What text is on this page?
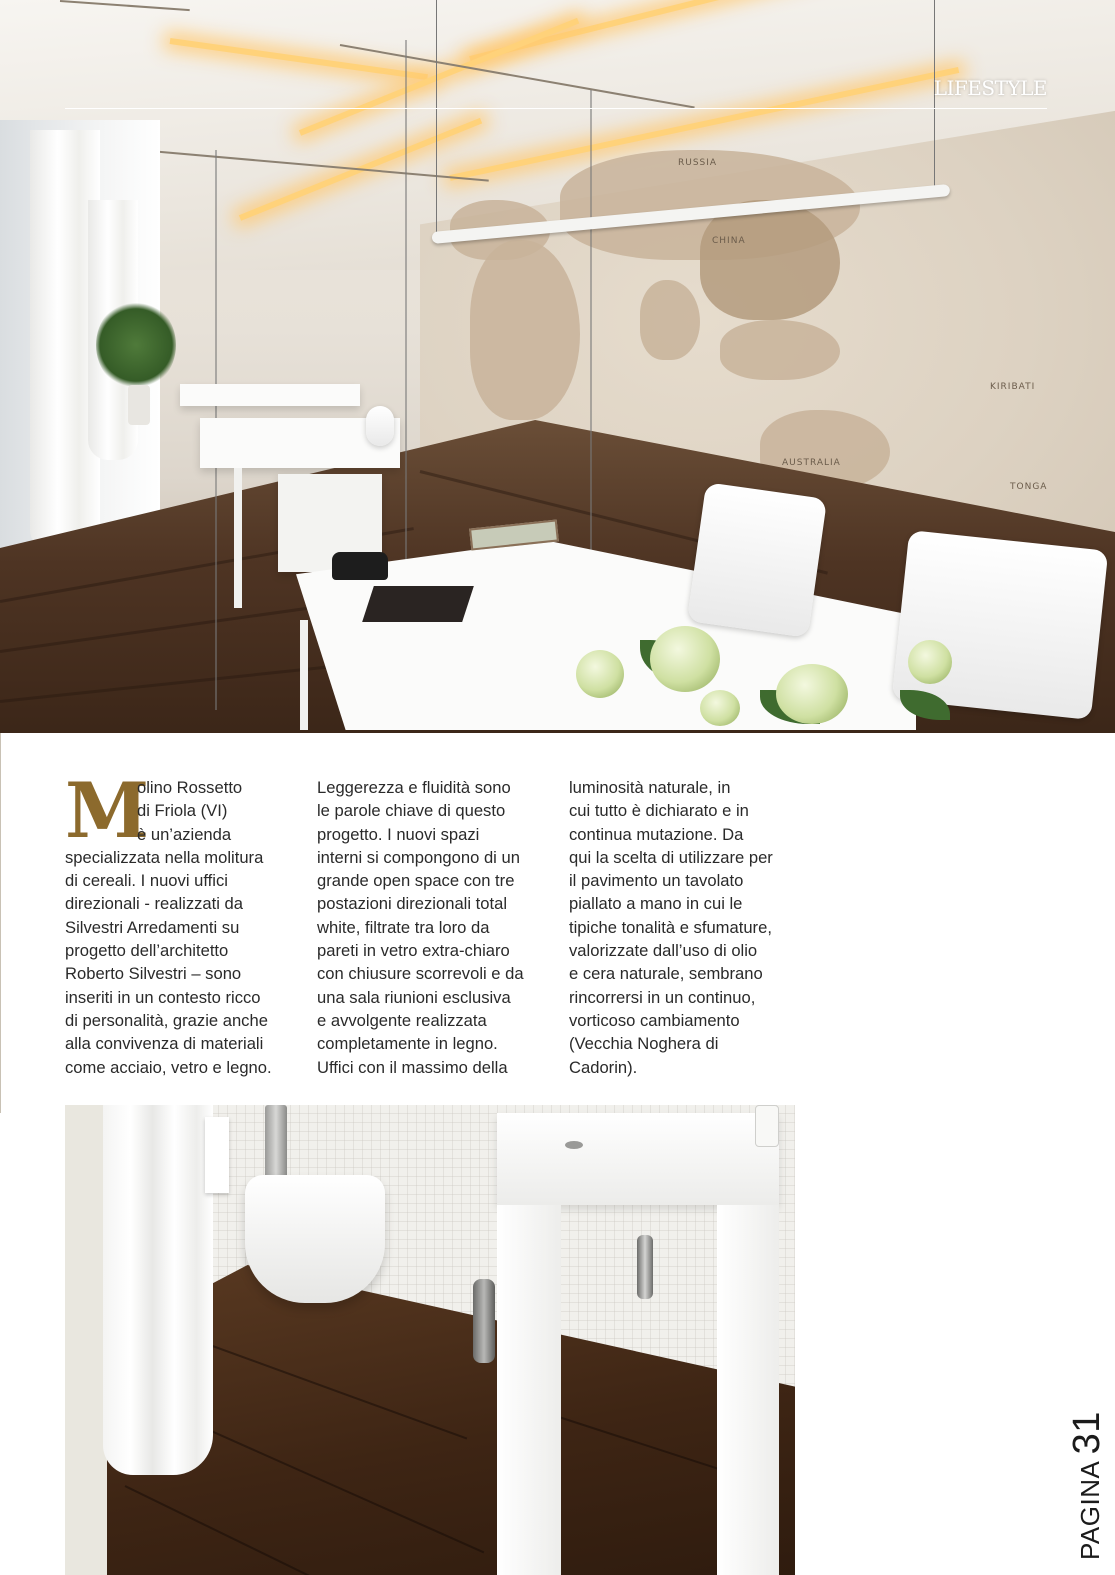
RUSSIA
CHINA
AUSTRALIA
KIRIBATI
TONGA
LIFESTYLE
M
olino Rossetto
di Friola (VI)
è un’azienda
specializzata nella molitura
di cereali. I nuovi uffici
direzionali - realizzati da
Silvestri Arredamenti su
progetto dell’architetto
Roberto Silvestri – sono
inseriti in un contesto ricco
di personalità, grazie anche
alla convivenza di materiali
come acciaio, vetro e legno.
Leggerezza e fluidità sono
le parole chiave di questo
progetto. I nuovi spazi
interni si compongono di un
grande open space con tre
postazioni direzionali total
white, filtrate tra loro da
pareti in vetro extra-chiaro
con chiusure scorrevoli e da
una sala riunioni esclusiva
e avvolgente realizzata
completamente in legno.
Uffici con il massimo della
luminosità naturale, in
cui tutto è dichiarato e in
continua mutazione. Da
qui la scelta di utilizzare per
il pavimento un tavolato
piallato a mano in cui le
tipiche tonalità e sfumature,
valorizzate dall’uso di olio
e cera naturale, sembrano
rincorrersi in un continuo,
vorticoso cambiamento
(Vecchia Noghera di
Cadorin).
PAGINA 31
